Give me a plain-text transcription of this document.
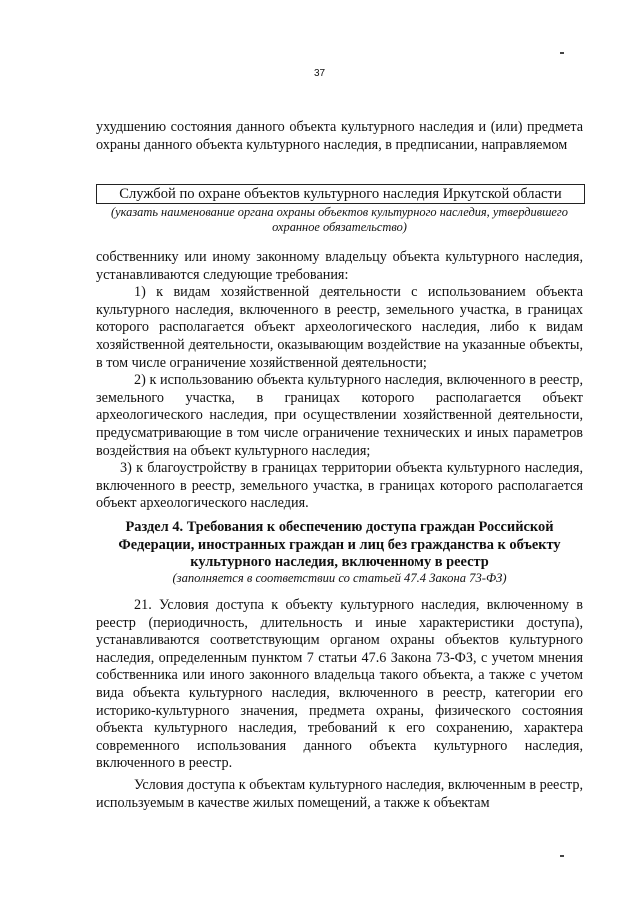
37

ухудшению состояния данного объекта культурного наследия и (или) предмета охраны данного объекта культурного наследия, в предписании, направляемом

Службой по охране объектов культурного наследия Иркутской области
(указать наименование органа охраны объектов культурного наследия, утвердившего охранное обязательство)

собственнику или иному законному владельцу объекта культурного наследия, устанавливаются следующие требования:

1) к видам хозяйственной деятельности с использованием объекта культурного наследия, включенного в реестр, земельного участка, в границах которого располагается объект археологического наследия, либо к видам хозяйственной деятельности, оказывающим воздействие на указанные объекты, в том числе ограничение хозяйственной деятельности;

2) к использованию объекта культурного наследия, включенного в реестр, земельного участка, в границах которого располагается объект археологического наследия, при осуществлении хозяйственной деятельности, предусматривающие в том числе ограничение технических и иных параметров воздействия на объект культурного наследия;

3) к благоустройству в границах территории объекта культурного наследия, включенного в реестр, земельного участка, в границах которого располагается объект археологического наследия.

Раздел 4. Требования к обеспечению доступа граждан Российской Федерации, иностранных граждан и лиц без гражданства к объекту культурного наследия, включенному в реестр
(заполняется в соответствии со статьей 47.4 Закона 73-ФЗ)

21. Условия доступа к объекту культурного наследия, включенному в реестр (периодичность, длительность и иные характеристики доступа), устанавливаются соответствующим органом охраны объектов культурного наследия, определенным пунктом 7 статьи 47.6 Закона 73-ФЗ, с учетом мнения собственника или иного законного владельца такого объекта, а также с учетом вида объекта культурного наследия, включенного в реестр, категории его историко-культурного значения, предмета охраны, физического состояния объекта культурного наследия, требований к его сохранению, характера современного использования данного объекта культурного наследия, включенного в реестр.

Условия доступа к объектам культурного наследия, включенным в реестр, используемым в качестве жилых помещений, а также к объектам
